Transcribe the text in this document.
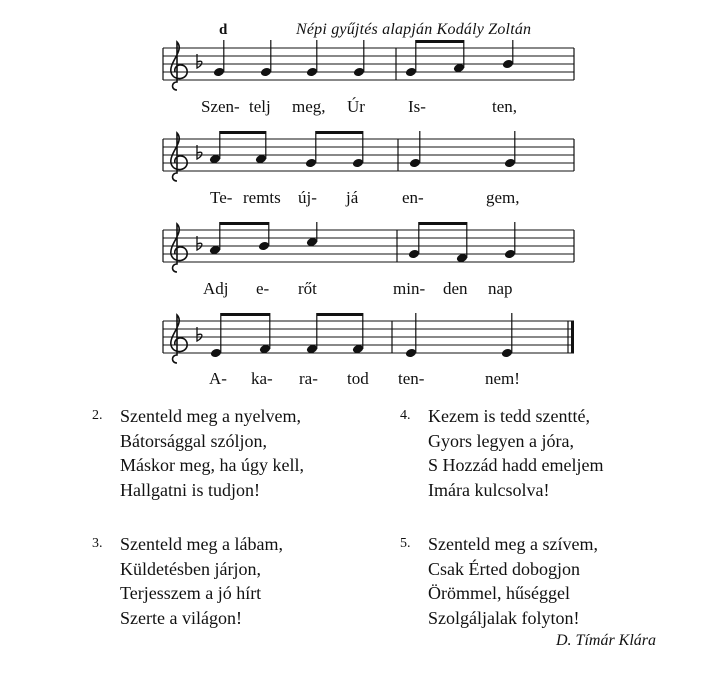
d	Népi gyűjtés alapján Kodály Zoltán
Szen- telj meg, Úr	Is-	ten,
Te- remts új- já	en-	gem,
Adj e- rőt	min- den nap
A- ka- ra- tod ten-	nem!
2. Szenteld meg a nyelvem,
Bátorsággal szóljon,
Máskor meg, ha úgy kell,
Hallgatni is tudjon!
3. Szenteld meg a lábam,
Küldetésben járjon,
Terjesszem a jó hírt
Szerte a világon!
4. Kezem is tedd szentté,
Gyors legyen a jóra,
S Hozzád hadd emeljem
Imára kulcsolva!
5. Szenteld meg a szívem,
Csak Érted dobogjon
Örömmel, hűséggel
Szolgáljalak folyton!
D. Tímár Klára
